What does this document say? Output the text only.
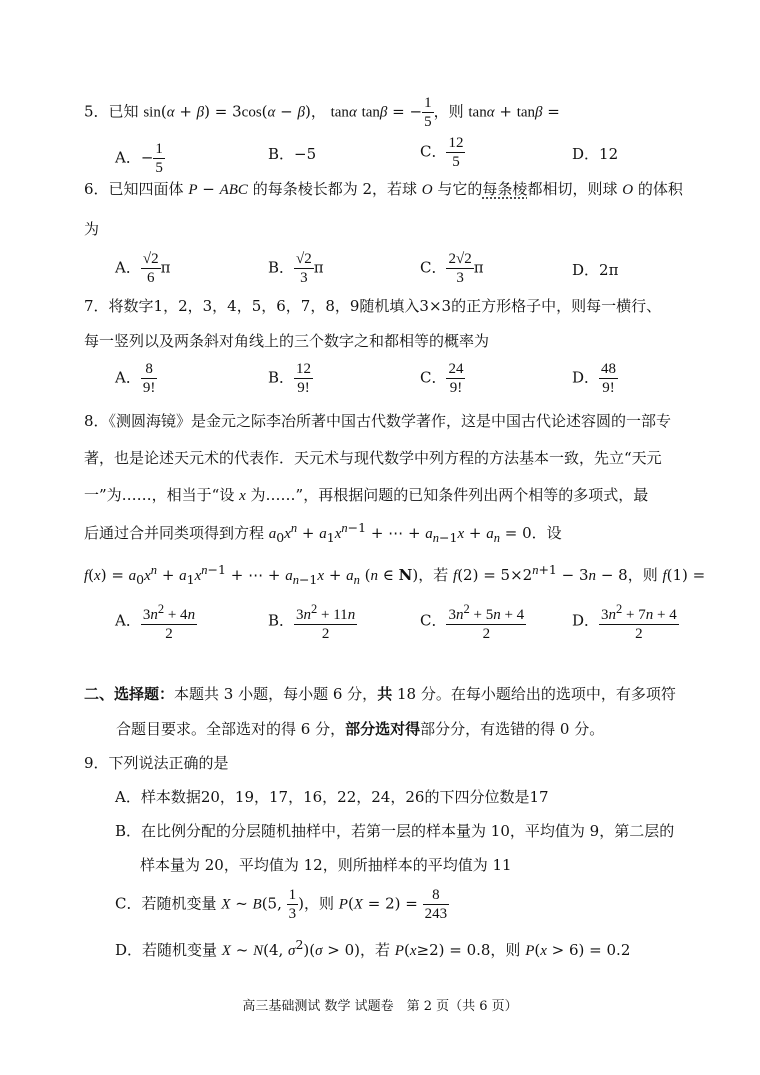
5．已知 sin(α + β) = 3cos(α − β)， tanα tanβ = − $\frac{1}{5}$ ，则 tanα + tanβ =
A．− $\frac{1}{5}$	B．−5	C． $\frac{12}{5}$	D．12
6．已知四面体 P − ABC 的每条棱长都为 2，若球 O 与它的每条棱都相切，则球 O 的体积
为
A． $\frac{√2}{6}$ π	B． $\frac{√2}{3}$ π	C． $\frac{2√2}{3}$ π	D．2π
7．将数字1，2，3，4，5，6，7，8，9随机填入3×3的正方形格子中，则每一横行、
每一竖列以及两条斜对角线上的三个数字之和都相等的概率为
A． $\frac{8}{9!}$	B． $\frac{12}{9!}$	C． $\frac{24}{9!}$	D． $\frac{48}{9!}$
8．《测圆海镜》是金元之际李冶所著中国古代数学著作，这是中国古代论述容圆的一部专
著，也是论述天元术的代表作．天元术与现代数学中列方程的方法基本一致，先立“天元
一”为……，相当于“设 x 为……”，再根据问题的已知条件列出两个相等的多项式，最
后通过合并同类项得到方程 $a_0x^n + a_1x^{n-1}$ + ⋯ + $a_{n-1}x + a_n = 0$．设
$f(x) = a_0x^n + a_1x^{n-1}$ + ⋯ + $a_{n-1}x + a_n$ (n ∈ N)，若 $f(2) = 5\times 2^{n+1} - 3n - 8$，则 f(1) =
A． $\frac{3n^2 + 4n}{2}$	B． $\frac{3n^2 + 11n}{2}$	C． $\frac{3n^2 + 5n + 4}{2}$	D． $\frac{3n^2 + 7n + 4}{2}$
二、选择题：本题共 3 小题，每小题 6 分，共 18 分。在每小题给出的选项中，有多项符
合题目要求。全部选对的得 6 分，部分选对得部分分，有选错的得 0 分。
9．下列说法正确的是
A．样本数据20，19，17，16，22，24，26的下四分位数是17
B．在比例分配的分层随机抽样中，若第一层的样本量为 10，平均值为 9，第二层的
样本量为 20，平均值为 12，则所抽样本的平均值为 11
C．若随机变量 X ~ B(5, $\frac{1}{3}$ )，则 $P(X = 2) = \frac{8}{243}$
D．若随机变量 X ~ N(4, $\sigma^2)(\sigma > 0)$，若 P(x≥2) = 0.8，则 P(x > 6) = 0.2
高三基础测试 数学 试题卷　第 2 页（共 6 页）
